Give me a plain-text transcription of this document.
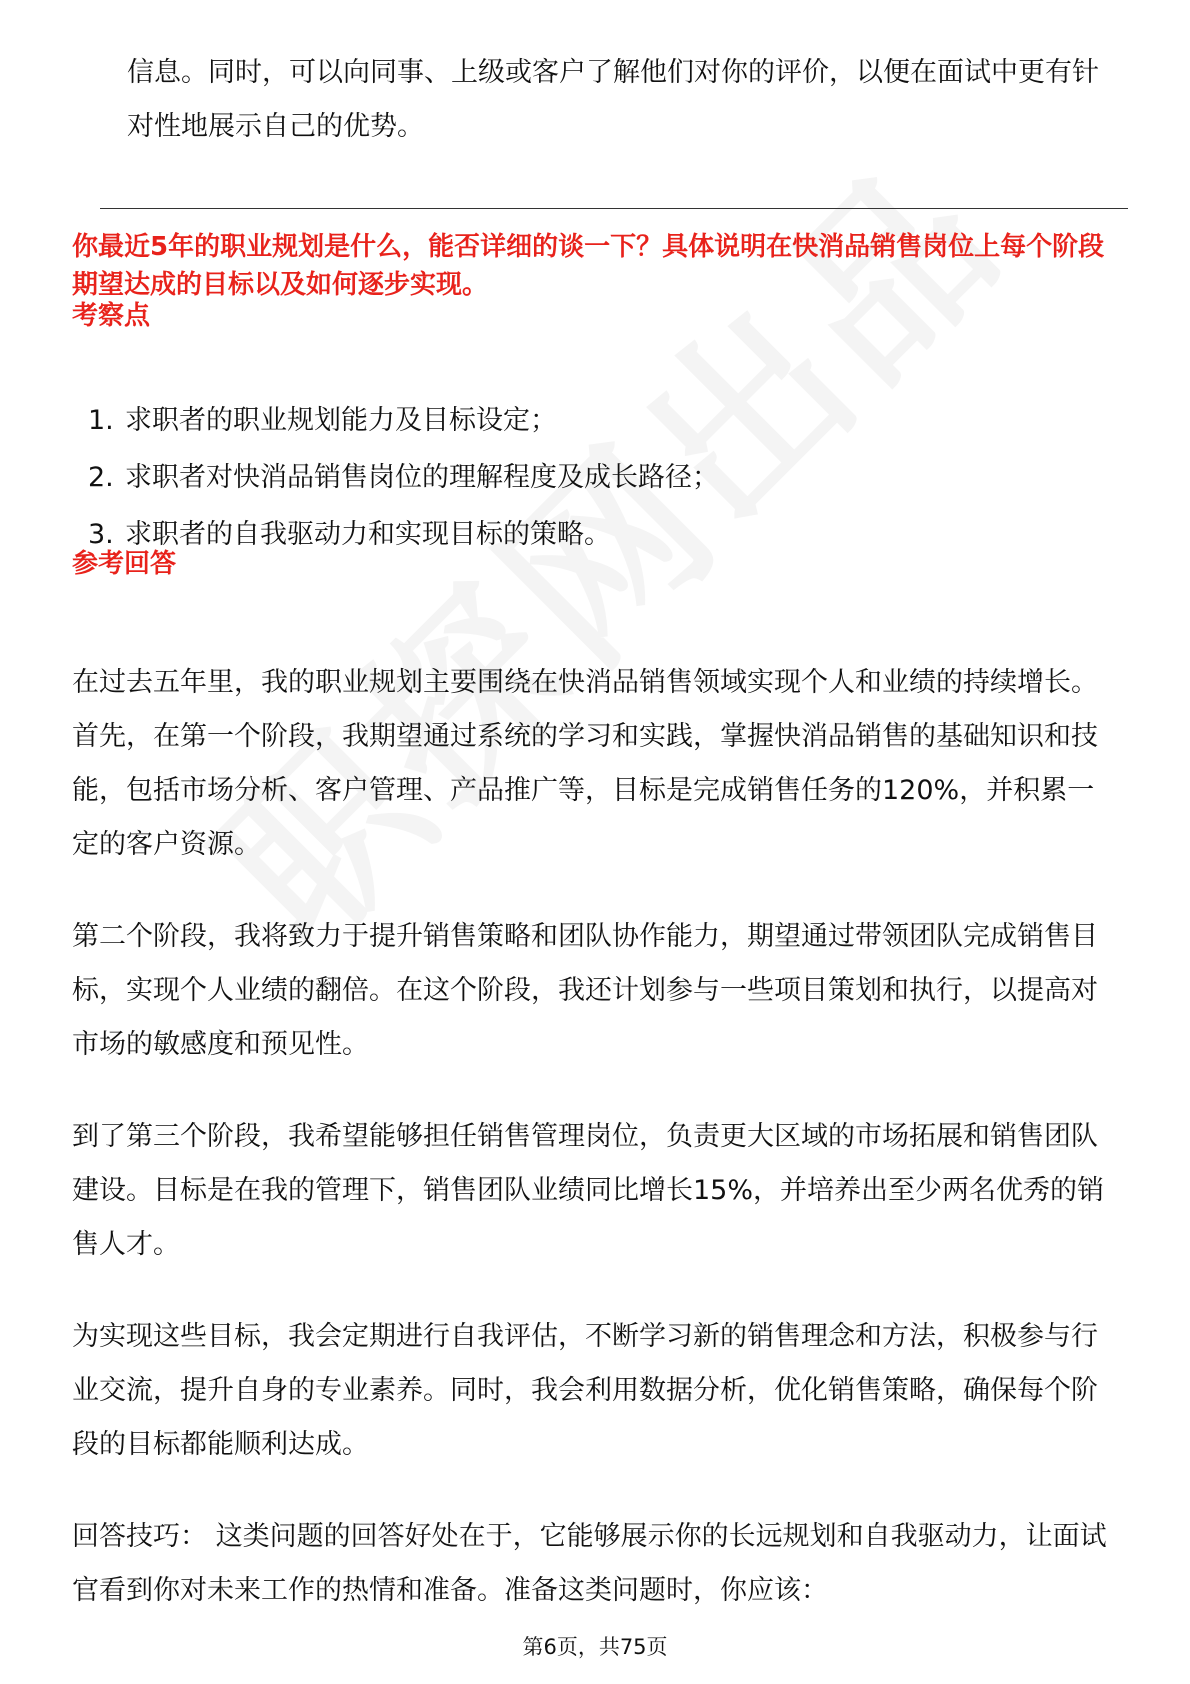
信息。同时，可以向同事、上级或客户了解他们对你的评价，以便在面试中更有针对性地展示自己的优势。

你最近5年的职业规划是什么，能否详细的谈一下？具体说明在快消品销售岗位上每个阶段期望达成的目标以及如何逐步实现。

考察点

1. 求职者的职业规划能力及目标设定；
2. 求职者对快消品销售岗位的理解程度及成长路径；
3. 求职者的自我驱动力和实现目标的策略。

参考回答

在过去五年里，我的职业规划主要围绕在快消品销售领域实现个人和业绩的持续增长。首先，在第一个阶段，我期望通过系统的学习和实践，掌握快消品销售的基础知识和技能，包括市场分析、客户管理、产品推广等，目标是完成销售任务的120%，并积累一定的客户资源。

第二个阶段，我将致力于提升销售策略和团队协作能力，期望通过带领团队完成销售目标，实现个人业绩的翻倍。在这个阶段，我还计划参与一些项目策划和执行，以提高对市场的敏感度和预见性。

到了第三个阶段，我希望能够担任销售管理岗位，负责更大区域的市场拓展和销售团队建设。目标是在我的管理下，销售团队业绩同比增长15%，并培养出至少两名优秀的销售人才。

为实现这些目标，我会定期进行自我评估，不断学习新的销售理念和方法，积极参与行业交流，提升自身的专业素养。同时，我会利用数据分析，优化销售策略，确保每个阶段的目标都能顺利达成。

回答技巧： 这类问题的回答好处在于，它能够展示你的长远规划和自我驱动力，让面试官看到你对未来工作的热情和准备。准备这类问题时，你应该：

第6页，共75页
